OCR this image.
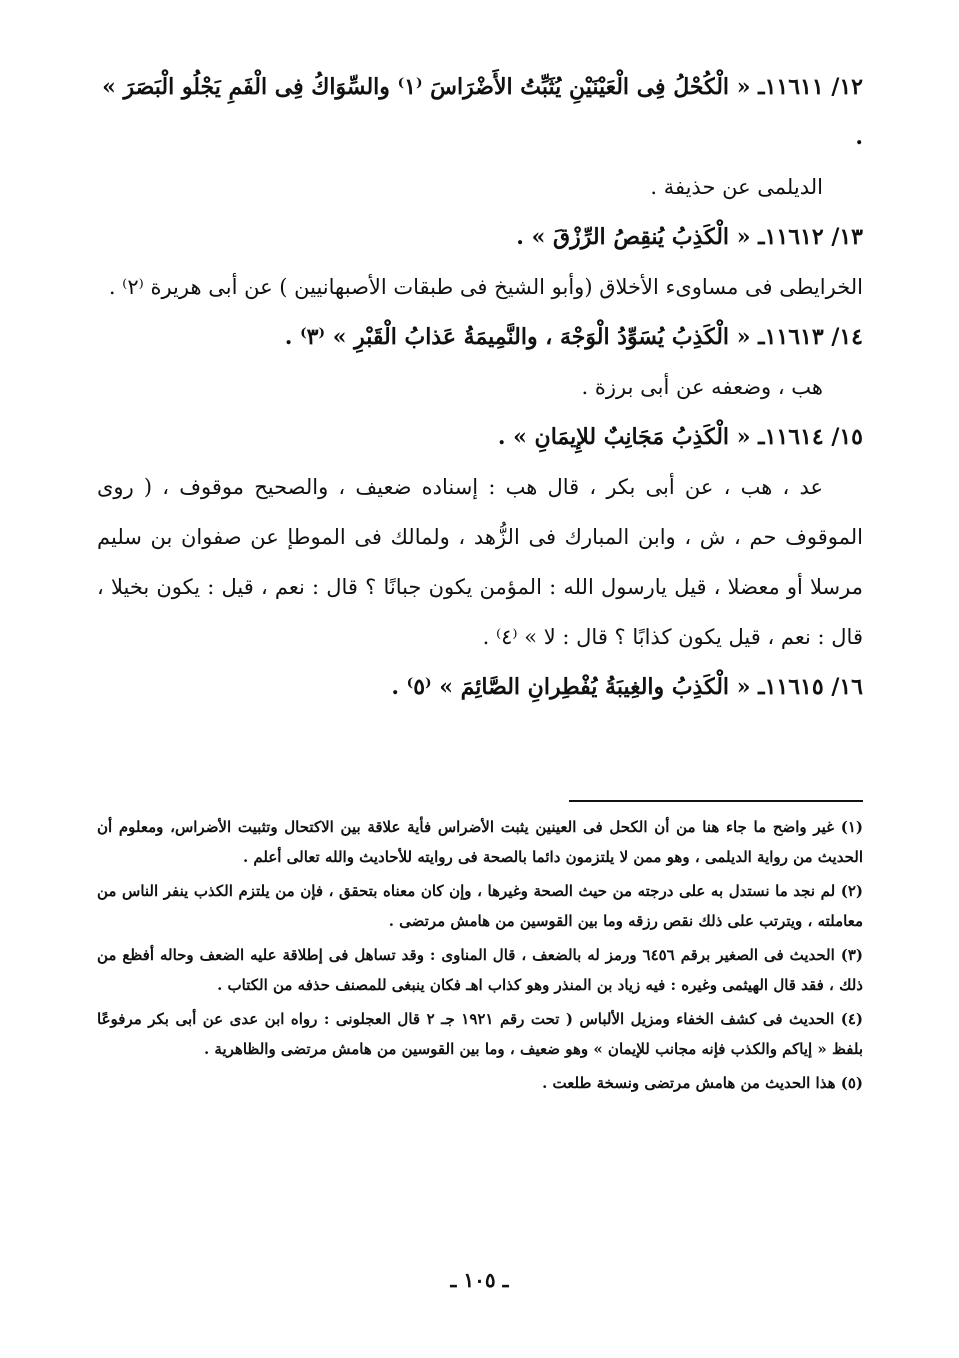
١٢/ ١١٦١١ـ « الْكُحْلُ فِى الْعَيْنَيْنِ يُثَبِّتُ الأَضْرَاسَ ⁽١⁾ والسِّوَاكُ فِى الْفَمِ يَجْلُو الْبَصَرَ » .

الديلمى عن حذيفة .

١٣/ ١١٦١٢ـ « الْكَذِبُ يُنقِصُ الرِّزْقَ » .

الخرايطى فى مساوىء الأخلاق (وأبو الشيخ فى طبقات الأصبهانيين ) عن أبى هريرة ⁽٢⁾ .

١٤/ ١١٦١٣ـ « الْكَذِبُ يُسَوِّدُ الْوَجْهَ ، والنَّمِيمَةُ عَذابُ الْقَبْرِ » ⁽٣⁾ .

هب ، وضعفه عن أبى برزة .

١٥/ ١١٦١٤ـ « الْكَذِبُ مَجَانِبٌ للإِيمَانِ » .

عد ، هب ، عن أبى بكر ، قال هب : إسناده ضعيف ، والصحيح موقوف ، ( روى الموقوف حم ، ش ، وابن المبارك فى الزُّهد ، ولمالك فى الموطإ عن صفوان بن سليم مرسلا أو معضلا ، قيل يارسول الله : المؤمن يكون جبانًا ؟ قال : نعم ، قيل : يكون بخيلا ، قال : نعم ، قيل يكون كذابًا ؟ قال : لا » ⁽٤⁾ .

١٦/ ١١٦١٥ـ « الْكَذِبُ والغِيبَةُ يُفْطِرانِ الصَّائِمَ » ⁽٥⁾ .

(١) غير واضح ما جاء هنا من أن الكحل فى العينين يثبت الأضراس فأية علاقة بين الاكتحال وتثبيت الأضراس، ومعلوم أن الحديث من رواية الديلمى ، وهو ممن لا يلتزمون دائما بالصحة فى روايته للأحاديث والله تعالى أعلم .

(٢) لم نجد ما نستدل به على درجته من حيث الصحة وغيرها ، وإن كان معناه بتحقق ، فإن من يلتزم الكذب ينفر الناس من معاملته ، ويترتب على ذلك نقص رزقه وما بين القوسين من هامش مرتضى .

(٣) الحديث فى الصغير برقم ٦٤٥٦ ورمز له بالضعف ، قال المناوى : وقد تساهل فى إطلاقة عليه الضعف وحاله أفظع من ذلك ، فقد قال الهيثمى وغيره : فيه زياد بن المنذر وهو كذاب اهـ فكان ينبغى للمصنف حذفه من الكتاب .

(٤) الحديث فى كشف الخفاء ومزيل الألباس ( تحت رقم ١٩٢١ جـ ٢ قال العجلونى : رواه ابن عدى عن أبى بكر مرفوعًا بلفظ « إياكم والكذب فإنه مجانب للإيمان » وهو ضعيف ، وما بين القوسين من هامش مرتضى والظاهرية .

(٥) هذا الحديث من هامش مرتضى ونسخة طلعت .

ـ ١٠٥ ـ
